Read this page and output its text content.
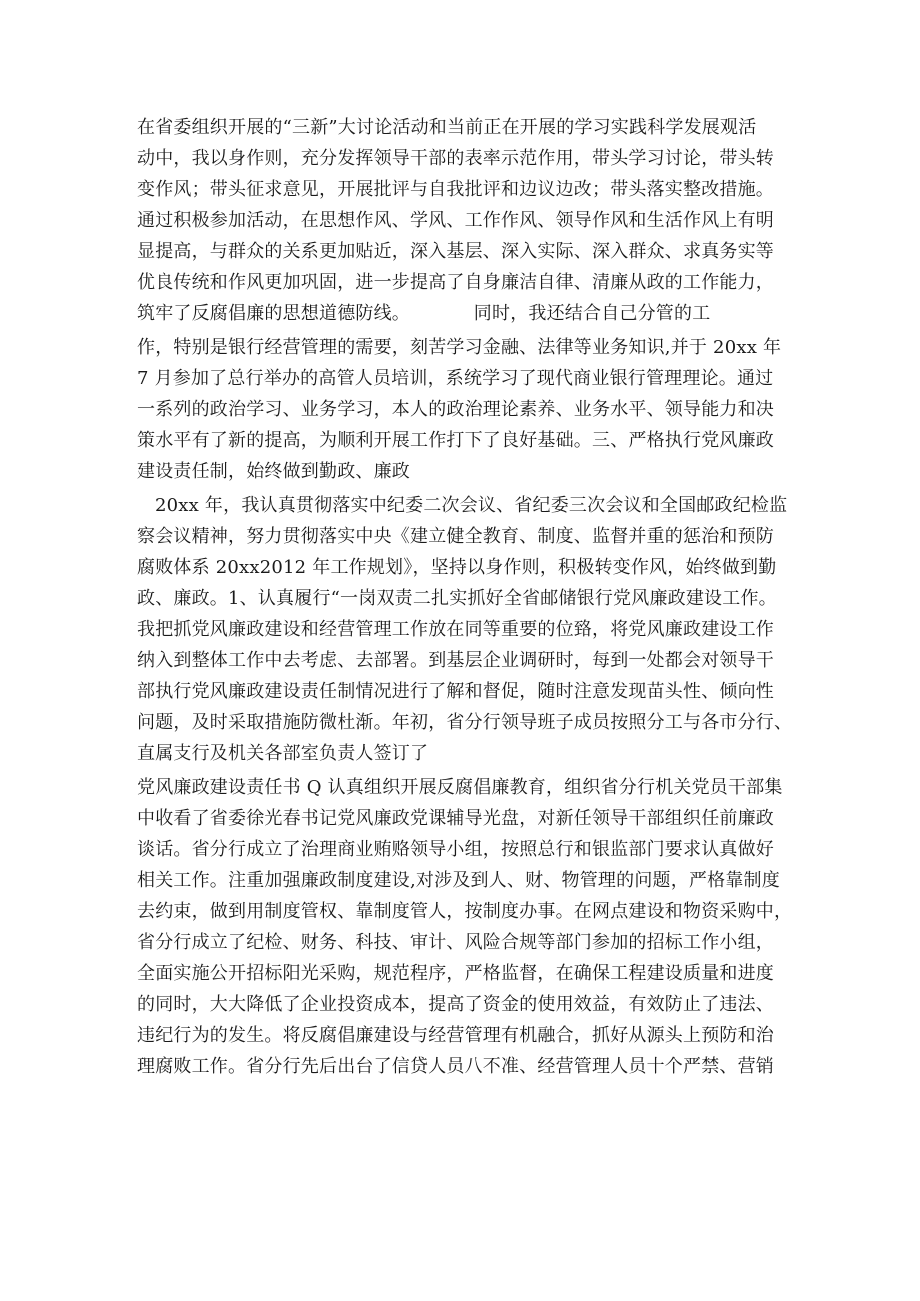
在省委组织开展的“三新”大讨论活动和当前正在开展的学习实践科学发展观活
动中，我以身作则，充分发挥领导干部的表率示范作用，带头学习讨论，带头转
变作风；带头征求意见，开展批评与自我批评和边议边改；带头落实整改措施。
通过积极参加活动，在思想作风、学风、工作作风、领导作风和生活作风上有明
显提高，与群众的关系更加贴近，深入基层、深入实际、深入群众、求真务实等
优良传统和作风更加巩固，进一步提高了自身廉洁自律、清廉从政的工作能力，
筑牢了反腐倡廉的思想道德防线。　　　　同时，我还结合自己分管的工
作，特别是银行经营管理的需要，刻苦学习金融、法律等业务知识,并于 20xx 年
7 月参加了总行举办的高管人员培训，系统学习了现代商业银行管理理论。通过
一系列的政治学习、业务学习，本人的政治理论素养、业务水平、领导能力和决
策水平有了新的提高，为顺利开展工作打下了良好基础。三、严格执行党风廉政
建设责任制，始终做到勤政、廉政
20xx 年，我认真贯彻落实中纪委二次会议、省纪委三次会议和全国邮政纪检监
察会议精神，努力贯彻落实中央《建立健全教育、制度、监督并重的惩治和预防
腐败体系 20xx2012 年工作规划》，坚持以身作则，积极转变作风，始终做到勤
政、廉政。1、认真履行“一岗双责二扎实抓好全省邮储银行党风廉政建设工作。
我把抓党风廉政建设和经营管理工作放在同等重要的位臵，将党风廉政建设工作
纳入到整体工作中去考虑、去部署。到基层企业调研时，每到一处都会对领导干
部执行党风廉政建设责任制情况进行了解和督促，随时注意发现苗头性、倾向性
问题，及时采取措施防微杜渐。年初，省分行领导班子成员按照分工与各市分行、
直属支行及机关各部室负责人签订了
党风廉政建设责任书 Q 认真组织开展反腐倡廉教育，组织省分行机关党员干部集
中收看了省委徐光春书记党风廉政党课辅导光盘，对新任领导干部组织任前廉政
谈话。省分行成立了治理商业贿赂领导小组，按照总行和银监部门要求认真做好
相关工作。注重加强廉政制度建设,对涉及到人、财、物管理的问题，严格靠制度
去约束，做到用制度管权、靠制度管人，按制度办事。在网点建设和物资采购中，
省分行成立了纪检、财务、科技、审计、风险合规等部门参加的招标工作小组，
全面实施公开招标阳光采购，规范程序，严格监督，在确保工程建设质量和进度
的同时，大大降低了企业投资成本，提高了资金的使用效益，有效防止了违法、
违纪行为的发生。将反腐倡廉建设与经营管理有机融合，抓好从源头上预防和治
理腐败工作。省分行先后出台了信贷人员八不准、经营管理人员十个严禁、营销
